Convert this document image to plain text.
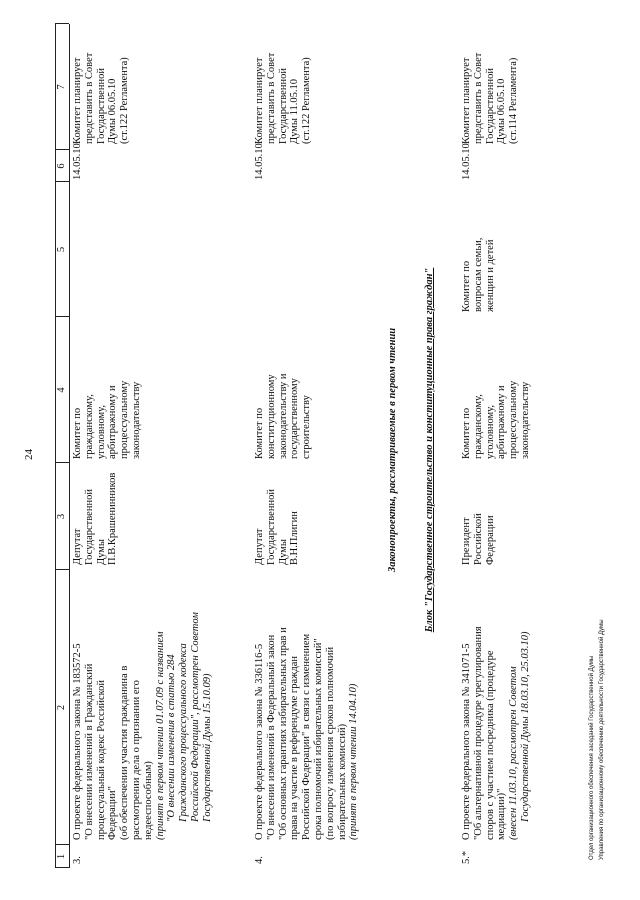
24
1
2
3
4
5
6
7
3.
О проекте федерального закона № 183572-5 "О внесении изменений в Гражданский процессуальный кодекс Российской Федерации" (об обеспечении участия гражданина в рассмотрении дела о признании его недееспособным) (принят в первом чтении 01.07.09 с названием "О внесении изменения в статью 284 Гражданского процессуального кодекса Российской Федерации", рассмотрен Советом Государственной Думы 15.10.09)
Депутат Государственной Думы П.В.Крашенинников
Комитет по гражданскому, уголовному, арбитражному и процессуальному законодательству
14.05.10
Комитет планирует представить в Совет Государственной Думы 06.05.10 (ст.122 Регламента)
4.
О проекте федерального закона № 336116-5 "О внесении изменений в Федеральный закон "Об основных гарантиях избирательных прав и права на участие в референдуме граждан Российской Федерации" в связи с изменением срока полномочий избирательных комиссий" (по вопросу изменения сроков полномочий избирательных комиссий) (принят в первом чтении 14.04.10)
Депутат Государственной Думы В.Н.Плигин
Комитет по конституционному законодательству и государственному строительству
14.05.10
Комитет планирует представить в Совет Государственной Думы 11.05.10 (ст.122 Регламента)
Законопроекты, рассматриваемые в первом чтении Блок "Государственное строительство и конституционные права граждан"
5.*
О проекте федерального закона № 341071-5 "Об альтернативной процедуре урегулирования споров с участием посредника (процедуре медиации)" (внесен 11.03.10, рассмотрен Советом Государственной Думы 18.03.10, 25.03.10)
Президент Российской Федерации
Комитет по гражданскому, уголовному, арбитражному и процессуальному законодательству
Комитет по вопросам семьи, женщин и детей
14.05.10
Комитет планирует представить в Совет Государственной Думы 06.05.10 (ст.114 Регламента)
Отдел организационного обеспечения заседаний Государственной Думы Управления по организационному обеспечению деятельности Государственной Думы
